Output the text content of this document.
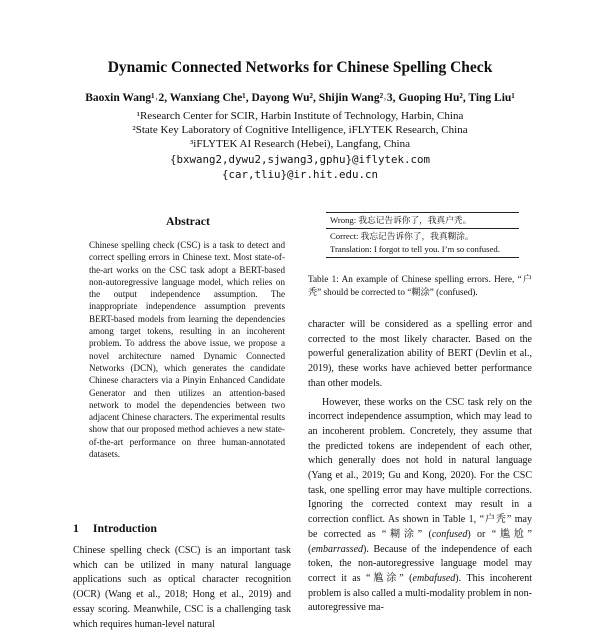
Dynamic Connected Networks for Chinese Spelling Check
Baoxin Wang¹˒2, Wanxiang Che¹, Dayong Wu², Shijin Wang²˒3, Guoping Hu², Ting Liu¹
¹Research Center for SCIR, Harbin Institute of Technology, Harbin, China
²State Key Laboratory of Cognitive Intelligence, iFLYTEK Research, China
³iFLYTEK AI Research (Hebei), Langfang, China
{bxwang2,dywu2,sjwang3,gphu}@iflytek.com
{car,tliu}@ir.hit.edu.cn
Abstract
Chinese spelling check (CSC) is a task to detect and correct spelling errors in Chinese text. Most state-of-the-art works on the CSC task adopt a BERT-based non-autoregressive language model, which relies on the output independence assumption. The inappropriate independence assumption prevents BERT-based models from learning the dependencies among target tokens, resulting in an incoherent problem. To address the above issue, we propose a novel architecture named Dynamic Connected Networks (DCN), which generates the candidate Chinese characters via a Pinyin Enhanced Candidate Generator and then utilizes an attention-based network to model the dependencies between two adjacent Chinese characters. The experimental results show that our proposed method achieves a new state-of-the-art performance on three human-annotated datasets.
1 Introduction
Chinese spelling check (CSC) is an important task which can be utilized in many natural language applications such as optical character recognition (OCR) (Wang et al., 2018; Hong et al., 2019) and essay scoring. Meanwhile, CSC is a challenging task which requires human-level natural
Wrong: 我忘记告诉你了，我真户秃。
Correct: 我忘记告诉你了，我真糊涂。
Translation: I forgot to tell you. I’m so confused.
Table 1: An example of Chinese spelling errors. Here, “户秃” should be corrected to “糊涂” (confused).

character will be considered as a spelling error and corrected to the most likely character. Based on the powerful generalization ability of BERT (Devlin et al., 2019), these works have achieved better performance than other models.

However, these works on the CSC task rely on the incorrect independence assumption, which may lead to an incoherent problem. Concretely, they assume that the predicted tokens are independent of each other, which generally does not hold in natural language (Yang et al., 2019; Gu and Kong, 2020). For the CSC task, one spelling error may have multiple corrections. Ignoring the corrected context may result in a correction conflict. As shown in Table 1, “户秃” may be corrected as “糊涂” (confused) or “尴尬” (embarrassed). Because of the independence of each token, the non-autoregressive language model may correct it as “尴涂” (embafused). This incoherent problem is also called a multi-modality problem in non-autoregressive ma-
